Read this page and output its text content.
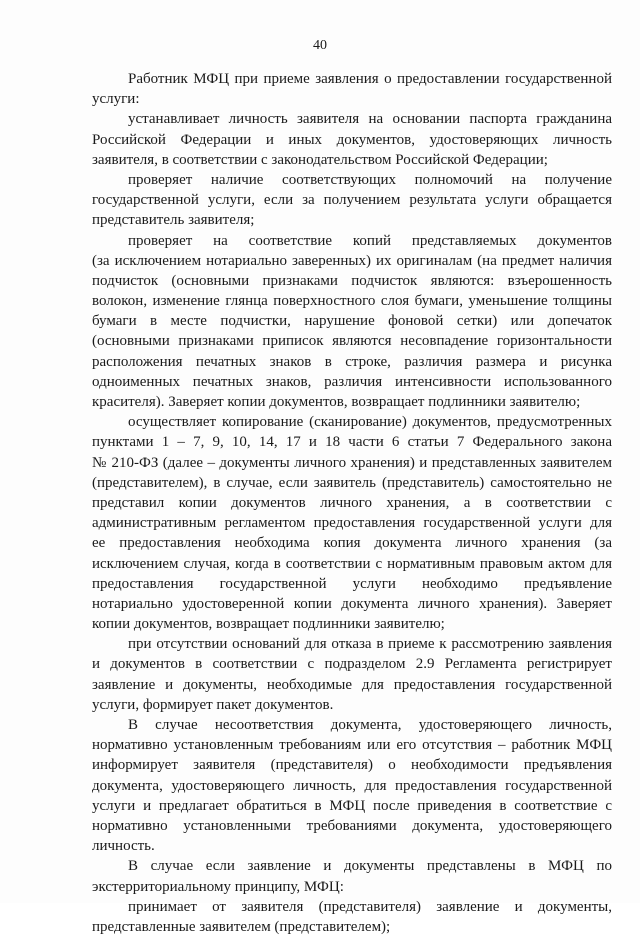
40
Работник МФЦ при приеме заявления о предоставлении государственной
услуги:
устанавливает личность заявителя на основании паспорта гражданина
Российской Федерации и иных документов, удостоверяющих личность
заявителя, в соответствии с законодательством Российской Федерации;
проверяет наличие соответствующих полномочий на получение
государственной услуги, если за получением результата услуги обращается
представитель заявителя;
проверяет на соответствие копий представляемых документов
(за исключением нотариально заверенных) их оригиналам (на предмет наличия
подчисток (основными признаками подчисток являются: взъерошенность
волокон, изменение глянца поверхностного слоя бумаги, уменьшение толщины
бумаги в месте подчистки, нарушение фоновой сетки) или допечаток
(основными признаками приписок являются несовпадение горизонтальности
расположения печатных знаков в строке, различия размера и рисунка
одноименных печатных знаков, различия интенсивности использованного
красителя). Заверяет копии документов, возвращает подлинники заявителю;
осуществляет копирование (сканирование) документов, предусмотренных
пунктами 1 – 7, 9, 10, 14, 17 и 18 части 6 статьи 7 Федерального закона
№ 210-ФЗ (далее – документы личного хранения) и представленных заявителем
(представителем), в случае, если заявитель (представитель) самостоятельно не
представил копии документов личного хранения, а в соответствии с
административным регламентом предоставления государственной услуги для
ее предоставления необходима копия документа личного хранения (за
исключением случая, когда в соответствии с нормативным правовым актом для
предоставления государственной услуги необходимо предъявление
нотариально удостоверенной копии документа личного хранения). Заверяет
копии документов, возвращает подлинники заявителю;
при отсутствии оснований для отказа в приеме к рассмотрению заявления
и документов в соответствии с подразделом 2.9 Регламента регистрирует
заявление и документы, необходимые для предоставления государственной
услуги, формирует пакет документов.
В случае несоответствия документа, удостоверяющего личность,
нормативно установленным требованиям или его отсутствия – работник МФЦ
информирует заявителя (представителя) о необходимости предъявления
документа, удостоверяющего личность, для предоставления государственной
услуги и предлагает обратиться в МФЦ после приведения в соответствие с
нормативно установленными требованиями документа, удостоверяющего
личность.
В случае если заявление и документы представлены в МФЦ по
экстерриториальному принципу, МФЦ:
принимает от заявителя (представителя) заявление и документы,
представленные заявителем (представителем);
